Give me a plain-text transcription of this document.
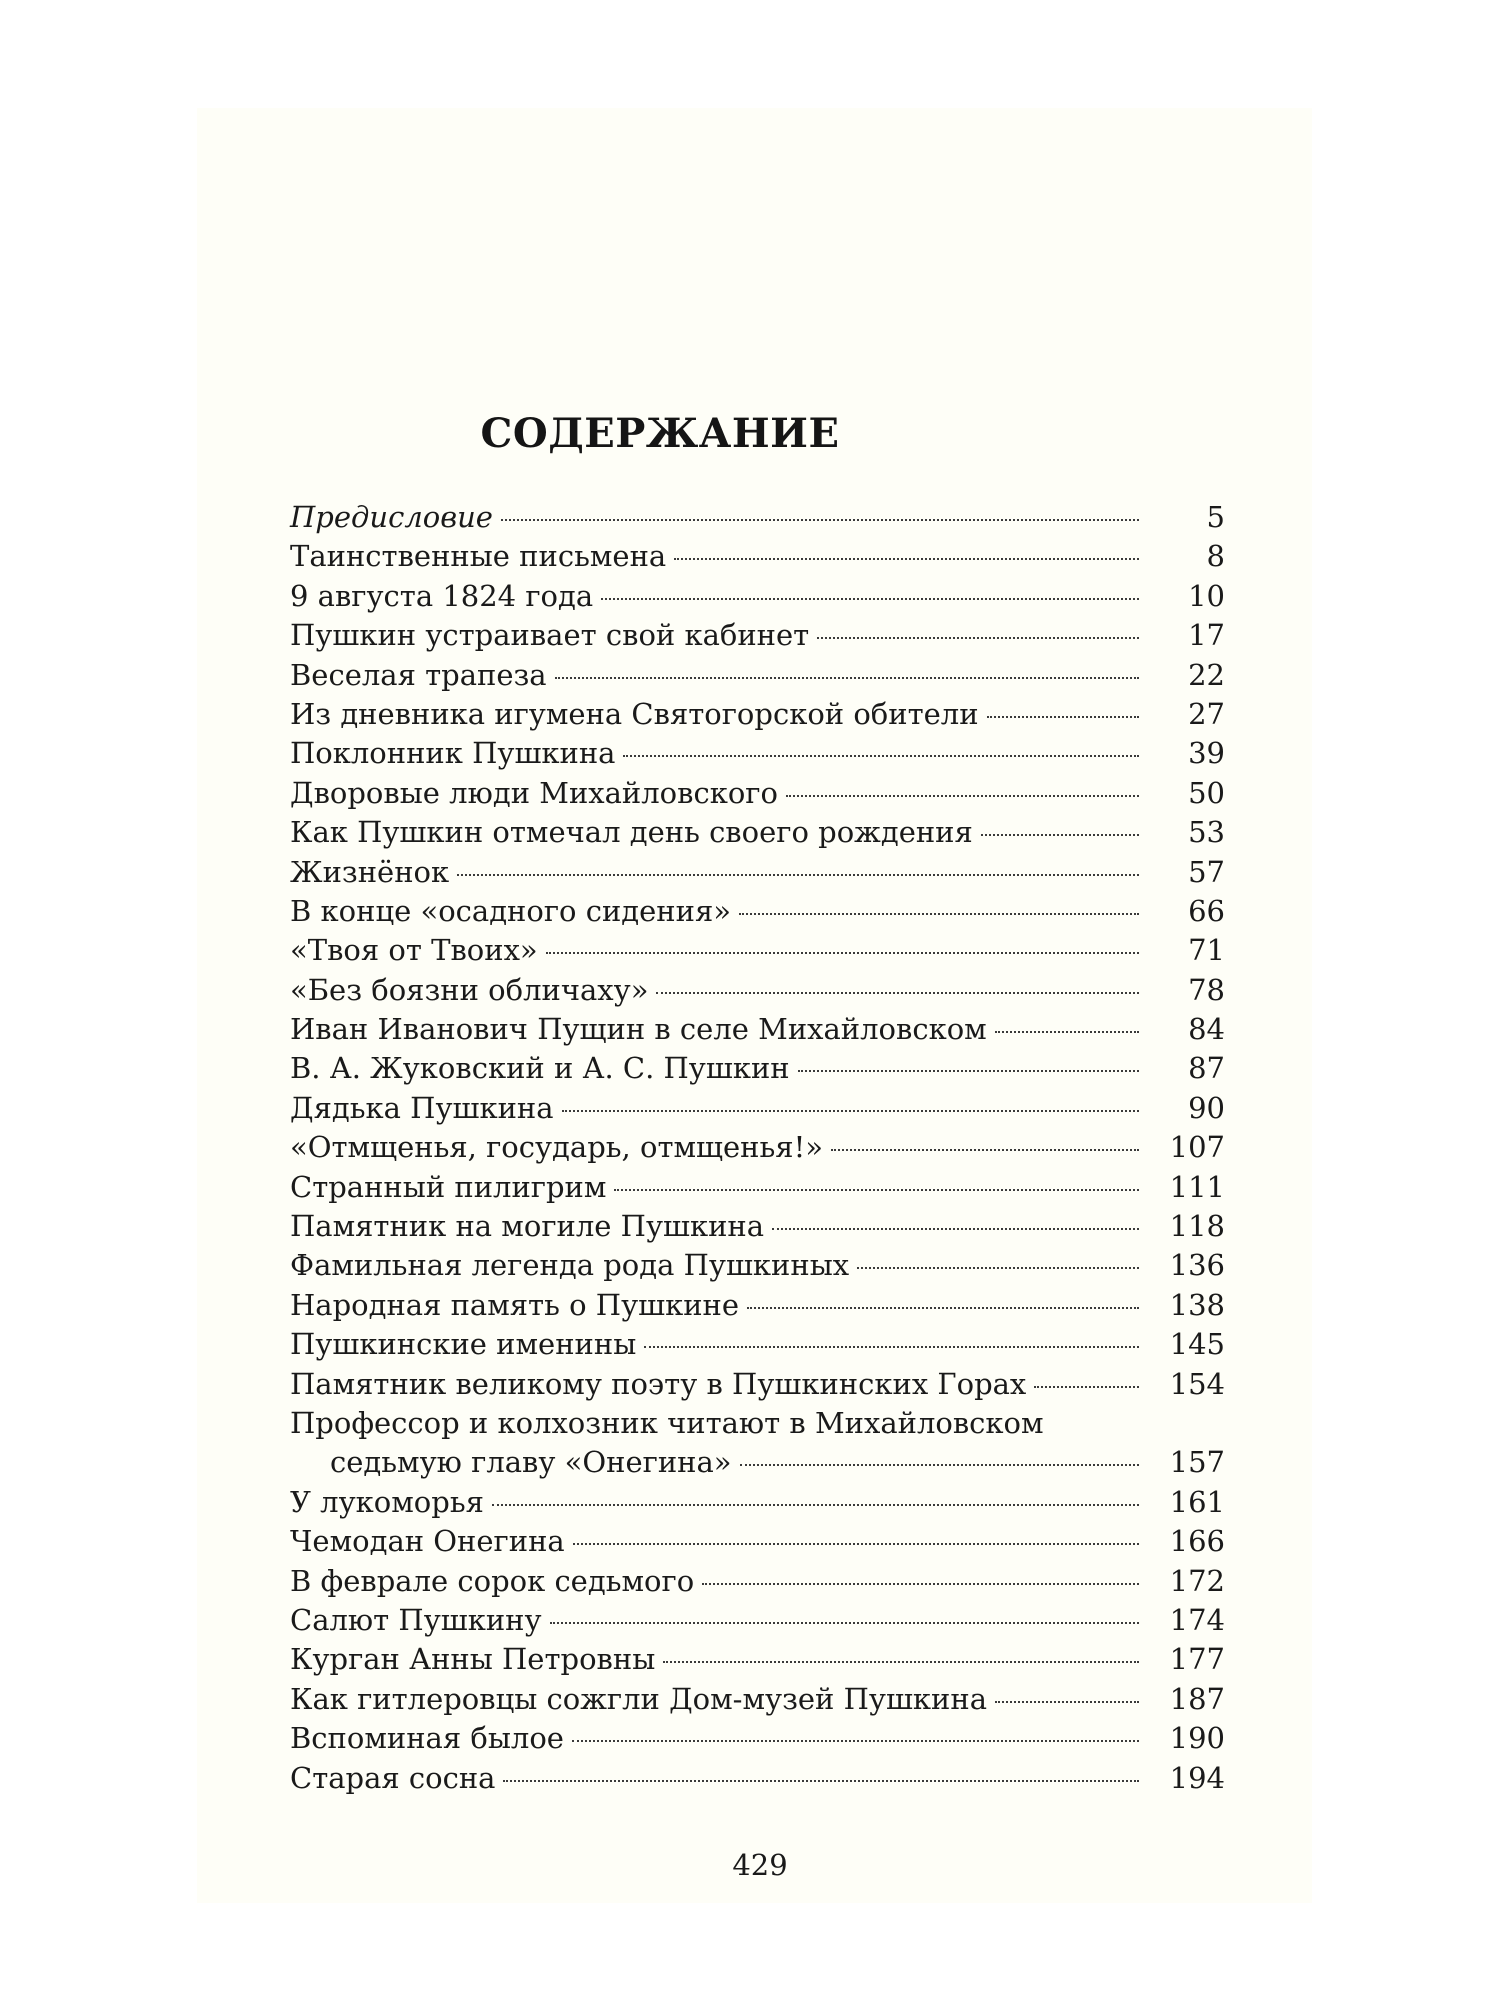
СОДЕРЖАНИЕ
Предисловие	5
Таинственные письмена	8
9 августа 1824 года	10
Пушкин устраивает свой кабинет	17
Веселая трапеза	22
Из дневника игумена Святогорской обители	27
Поклонник Пушкина	39
Дворовые люди Михайловского	50
Как Пушкин отмечал день своего рождения	53
Жизнёнок	57
В конце «осадного сидения»	66
«Твоя от Твоих»	71
«Без боязни обличаху»	78
Иван Иванович Пущин в селе Михайловском	84
В. А. Жуковский и А. С. Пушкин	87
Дядька Пушкина	90
«Отмщенья, государь, отмщенья!»	107
Странный пилигрим	111
Памятник на могиле Пушкина	118
Фамильная легенда рода Пушкиных	136
Народная память о Пушкине	138
Пушкинские именины	145
Памятник великому поэту в Пушкинских Горах	154
Профессор и колхозник читают в Михайловском
седьмую главу «Онегина»	157
У лукоморья	161
Чемодан Онегина	166
В феврале сорок седьмого	172
Салют Пушкину	174
Курган Анны Петровны	177
Как гитлеровцы сожгли Дом-музей Пушкина	187
Вспоминая былое	190
Старая сосна	194
429
